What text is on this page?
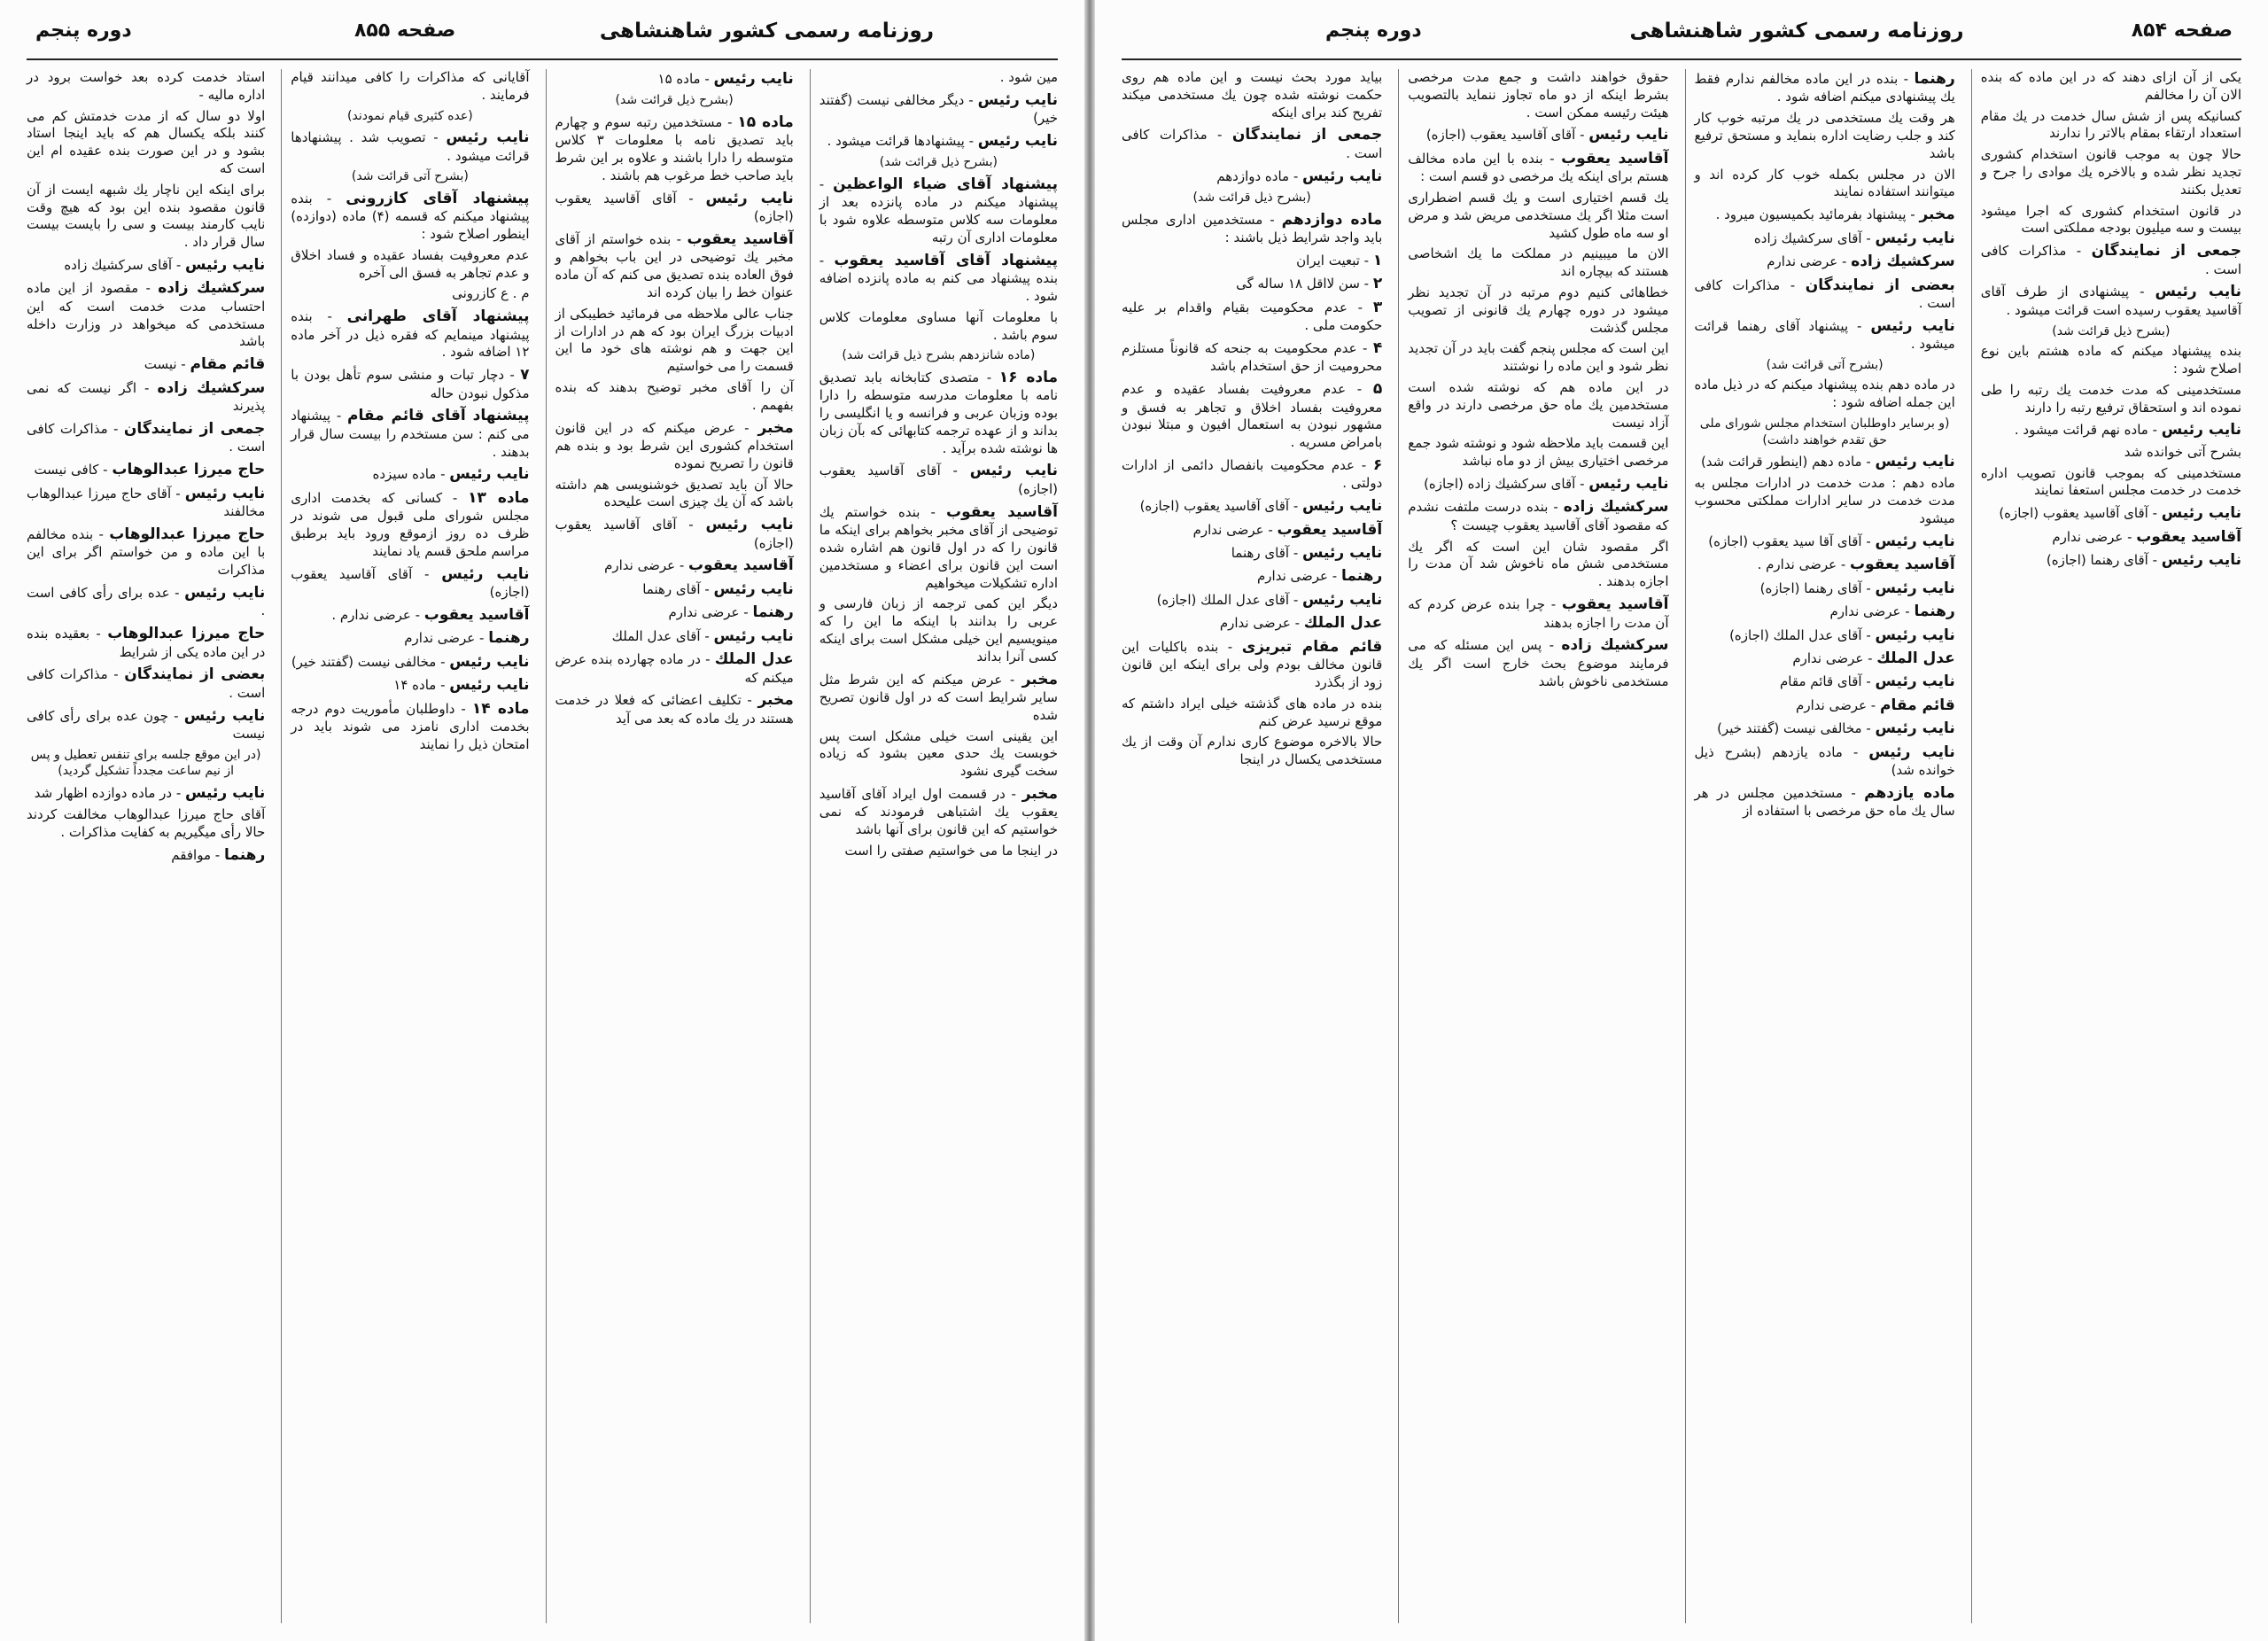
روزنامه رسمی کشور شاهنشاهی
صفحه ۸۵۵
دوره پنجم

مین شود .

نایب رئیس - دیگر مخالفی نیست (گفتند خیر)

نایب رئیس - پیشنهادها قرائت میشود .

(بشرح ذیل قرائت شد)

پیشنهاد آقای ضیاء الواعظین - پیشنهاد میکنم در ماده پانزده بعد از معلومات سه کلاس متوسطه علاوه شود با معلومات اداری آن رتبه

پیشنهاد آقای آقاسید یعقوب - بنده پیشنهاد می کنم به ماده پانزده اضافه شود .

با معلومات آنها مساوی معلومات کلاس سوم باشد .

(ماده شانزدهم بشرح ذیل قرائت شد)

ماده ۱۶ - متصدی کتابخانه بابد تصدیق نامه با معلومات مدرسه متوسطه را دارا بوده وزبان عربی و فرانسه و یا انگلیسی را بداند و از عهده ترجمه کتابهائی که بآن زبان ها نوشته شده برآید .

نایب رئیس - آقای آقاسید یعقوب (اجازه)

آقاسید یعقوب - بنده خواستم یك توضیحی از آقای مخبر بخواهم برای اینکه ما قانون را که در اول قانون هم اشاره شده است این قانون برای اعضاء و مستخدمین اداره تشکیلات میخواهیم

دیگر این کمی ترجمه از زبان فارسی و عربی را بدانند با اینکه ما این را که مینویسیم این خیلی مشکل است برای اینکه کسی آنرا بداند

مخبر - عرض میکنم که این شرط مثل سایر شرایط است که در اول قانون تصریح شده

این یقینی است خیلی مشکل است پس خوبست یك حدی معین بشود که زیاده سخت گیری نشود

مخبر - در قسمت اول ایراد آقای آقاسید یعقوب یك اشتباهی فرمودند که نمی خواستیم که این قانون برای آنها باشد

در اینجا ما می خواستیم صفتی را است

نایب رئیس - ماده ۱۵

(بشرح ذیل قرائت شد)

ماده ۱۵ - مستخدمین رتبه سوم و چهارم باید تصدیق نامه با معلومات ۳ کلاس متوسطه را دارا باشند و علاوه بر این شرط باید صاحب خط مرغوب هم باشند .

نایب رئیس - آقای آقاسید یعقوب (اجازه)

آقاسید یعقوب - بنده خواستم از آقای مخبر یك توضیحی در این باب بخواهم و فوق العاده بنده تصدیق می کنم که آن ماده عنوان خط را بیان کرده اند

جناب عالی ملاحظه می فرمائید خطیبکی از ادبیات بزرگ ایران بود که هم در ادارات از این جهت و هم نوشته های خود ما این قسمت را می خواستیم

آن را آقای مخبر توضیح بدهند که بنده بفهمم .

مخبر - عرض میکنم که در این قانون استخدام کشوری این شرط بود و بنده هم قانون را تصریح نموده

حالا آن باید تصدیق خوشنویسی هم داشته باشد که آن یك چیزی است علیحده

نایب رئیس - آقای آقاسید یعقوب (اجازه)

آقاسید یعقوب - عرضی ندارم

نایب رئیس - آقای رهنما

رهنما - عرضی ندارم

نایب رئیس - آقای عدل الملك

عدل الملك - در ماده چهارده بنده عرض میکنم که

مخبر - تکلیف اعضائی که فعلا در خدمت هستند در یك ماده که بعد می آید

آقایانی که مذاکرات را کافی میدانند قیام فرمایند .

(عده کثیری قیام نمودند)

نایب رئیس - تصویب شد . پیشنهادها قرائت میشود .

(بشرح آتی قرائت شد)

پیشنهاد آقای کازرونی - بنده پیشنهاد میکنم که قسمه (۴) ماده (دوازده) اینطور اصلاح شود :

عدم معروفیت بفساد عقیده و فساد اخلاق و عدم تجاهر به فسق الی آخره

م . ع کازرونی

پیشنهاد آقای طهرانی - بنده پیشنهاد مینمایم که فقره ذیل در آخر ماده ۱۲ اضافه شود .

۷ - دچار تبات و منشی سوم تأهل بودن با مذکول نبودن حاله

پیشنهاد آقای قائم مقام - پیشنهاد می کنم : سن مستخدم را بیست سال قرار بدهند .

نایب رئیس - ماده سیزده

ماده ۱۳ - کسانی که بخدمت اداری مجلس شورای ملی قبول می شوند در ظرف ده روز ازموقع ورود باید برطبق مراسم ملحق قسم یاد نمایند

نایب رئیس - آقای آقاسید یعقوب (اجازه)

آقاسید یعقوب - عرضی ندارم .

رهنما - عرضی ندارم

نایب رئیس - مخالفی نیست (گفتند خیر)

نایب رئیس - ماده ۱۴

ماده ۱۴ - داوطلبان مأموریت دوم درجه بخدمت اداری نامزد می شوند باید در امتحان ذیل را نمایند

استاد خدمت کرده بعد خواست برود در اداره مالیه -

اولا دو سال که از مدت خدمتش کم می کنند بلکه یکسال هم که باید اینجا استاد بشود و در این صورت بنده عقیده ام این است که

برای اینکه این ناچار یك شبهه ایست از آن قانون مقصود بنده این بود که هیچ وقت نایب کارمند بیست و سی را بایست بیست سال قرار داد .

نایب رئیس - آقای سرکشیك زاده

سرکشیك زاده - مقصود از این ماده احتساب مدت خدمت است که این مستخدمی که میخواهد در وزارت داخله باشد

قائم مقام - نیست

سرکشیك زاده - اگر نیست که نمی پذیرند

جمعی از نمایندگان - مذاکرات کافی است .

حاج میرزا عبدالوهاب - کافی نیست

نایب رئیس - آقای حاج میرزا عبدالوهاب مخالفند

حاج میرزا عبدالوهاب - بنده مخالفم با این ماده و من خواستم اگر برای این مذاکرات

نایب رئیس - عده برای رأی کافی است .

حاج میرزا عبدالوهاب - بعقیده بنده در این ماده یکی از شرایط

بعضی از نمایندگان - مذاکرات کافی است .

نایب رئیس - چون عده برای رأی کافی نیست

(در این موقع جلسه برای تنفس تعطیل و پس از نیم ساعت مجدداً تشکیل گردید)

نایب رئیس - در ماده دوازده اظهار شد

آقای حاج میرزا عبدالوهاب مخالفت کردند حالا رأی میگیریم به کفایت مذاکرات .

رهنما - موافقم

صفحه ۸۵۴
روزنامه رسمی کشور شاهنشاهی
دوره پنجم

یکی از آن ازای دهند که در این ماده که بنده الان آن را مخالفم

کسانیکه پس از شش سال خدمت در یك مقام استعداد ارتقاء بمقام بالاتر را ندارند

حالا چون به موجب قانون استخدام کشوری تجدید نظر شده و بالاخره یك موادی را جرح و تعدیل بکنند

در قانون استخدام کشوری که اجرا میشود بیست و سه میلیون بودجه مملکتی است

جمعی از نمایندگان - مذاکرات کافی است .

نایب رئیس - پیشنهادی از طرف آقای آقاسید یعقوب رسیده است قرائت میشود .

(بشرح ذیل قرائت شد)

بنده پیشنهاد میکنم که ماده هشتم باین نوع اصلاح شود :

مستخدمینی که مدت خدمت یك رتبه را طی نموده اند و استحقاق ترفیع رتبه را دارند

نایب رئیس - ماده نهم قرائت میشود .

بشرح آتی خوانده شد

مستخدمینی که بموجب قانون تصویب اداره خدمت در خدمت مجلس استعفا نمایند

نایب رئیس - آقای آقاسید یعقوب (اجازه)

آقاسید یعقوب - عرضی ندارم

نایب رئیس - آقای رهنما (اجازه)

رهنما - بنده در این ماده مخالفم ندارم فقط یك پیشنهادی میکنم اضافه شود .

هر وقت یك مستخدمی در یك مرتبه خوب کار کند و جلب رضایت اداره بنماید و مستحق ترفیع باشد

الان در مجلس بکمله خوب کار کرده اند و میتوانند استفاده نمایند

مخبر - پیشنهاد بفرمائید بکمیسیون میرود .

نایب رئیس - آقای سرکشیك زاده

سرکشیك زاده - عرضی ندارم

بعضی از نمایندگان - مذاکرات کافی است .

نایب رئیس - پیشنهاد آقای رهنما قرائت میشود .

(بشرح آتی قرائت شد)

در ماده دهم بنده پیشنهاد میکنم که در ذیل ماده این جمله اضافه شود :

(و برسایر داوطلبان استخدام مجلس شورای ملی حق تقدم خواهند داشت)

نایب رئیس - ماده دهم (اینطور قرائت شد)

ماده دهم : مدت خدمت در ادارات مجلس به مدت خدمت در سایر ادارات مملکتی محسوب میشود

نایب رئیس - آقای آقا سید یعقوب (اجازه)

آقاسید یعقوب - عرضی ندارم .

نایب رئیس - آقای رهنما (اجازه)

رهنما - عرضی ندارم

نایب رئیس - آقای عدل الملك (اجازه)

عدل الملك - عرضی ندارم

نایب رئیس - آقای قائم مقام

قائم مقام - عرضی ندارم

نایب رئیس - مخالفی نیست (گفتند خیر)

نایب رئیس - ماده یازدهم (بشرح ذیل خوانده شد)

ماده یازدهم - مستخدمین مجلس در هر سال یك ماه حق مرخصی با استفاده از

حقوق خواهند داشت و جمع مدت مرخصی بشرط اینکه از دو ماه تجاوز ننماید بالتصویب هیئت رئیسه ممکن است .

نایب رئیس - آقای آقاسید یعقوب (اجازه)

آقاسید یعقوب - بنده با این ماده مخالف هستم برای اینکه یك مرخصی دو قسم است :

یك قسم اختیاری است و یك قسم اضطراری است مثلا اگر یك مستخدمی مریض شد و مرض او سه ماه طول کشید

الان ما میبینیم در مملکت ما یك اشخاصی هستند که بیچاره اند

خطاهائی کنیم دوم مرتبه در آن تجدید نظر میشود در دوره چهارم یك قانونی از تصویب مجلس گذشت

این است که مجلس پنجم گفت باید در آن تجدید نظر شود و این ماده را نوشتند

در این ماده هم که نوشته شده است مستخدمین یك ماه حق مرخصی دارند در واقع آزاد نیست

این قسمت باید ملاحظه شود و نوشته شود جمع مرخصی اختیاری بیش از دو ماه نباشد

نایب رئیس - آقای سرکشیك زاده (اجازه)

سرکشیك زاده - بنده درست ملتفت نشدم که مقصود آقای آقاسید یعقوب چیست ؟

اگر مقصود شان این است که اگر یك مستخدمی شش ماه ناخوش شد آن مدت را اجازه بدهند .

آقاسید یعقوب - چرا بنده عرض کردم که آن مدت را اجازه بدهند

سرکشیك زاده - پس این مسئله که می فرمایند موضوع بحث خارج است اگر یك مستخدمی ناخوش باشد

بیاید مورد بحث نیست و این ماده هم روی حکمت نوشته شده چون یك مستخدمی میکند تفریح کند برای اینکه

جمعی از نمایندگان - مذاکرات کافی است .

نایب رئیس - ماده دوازدهم

(بشرح ذیل قرائت شد)

ماده دوازدهم - مستخدمین اداری مجلس باید واجد شرایط ذیل باشند :

۱ - تبعیت ایران

۲ - سن لااقل ۱۸ ساله گی

۳ - عدم محکومیت بقیام واقدام بر علیه حکومت ملی .

۴ - عدم محکومیت به جنحه که قانوناً مستلزم محرومیت از حق استخدام باشد

۵ - عدم معروفیت بفساد عقیده و عدم معروفیت بفساد اخلاق و تجاهر به فسق و مشهور نبودن به استعمال افیون و مبتلا نبودن بامراض مسریه .

۶ - عدم محکومیت بانفصال دائمی از ادارات دولتی .

نایب رئیس - آقای آقاسید یعقوب (اجازه)

آقاسید یعقوب - عرضی ندارم

نایب رئیس - آقای رهنما

رهنما - عرضی ندارم

نایب رئیس - آقای عدل الملك (اجازه)

عدل الملك - عرضی ندارم

قائم مقام تبریزی - بنده باکلیات این قانون مخالف بودم ولی برای اینکه این قانون زود از بگذرد

بنده در ماده های گذشته خیلی ایراد داشتم که موقع نرسید عرض کنم

حالا بالاخره موضوع کاری ندارم آن وقت از یك مستخدمی یكسال در اینجا
